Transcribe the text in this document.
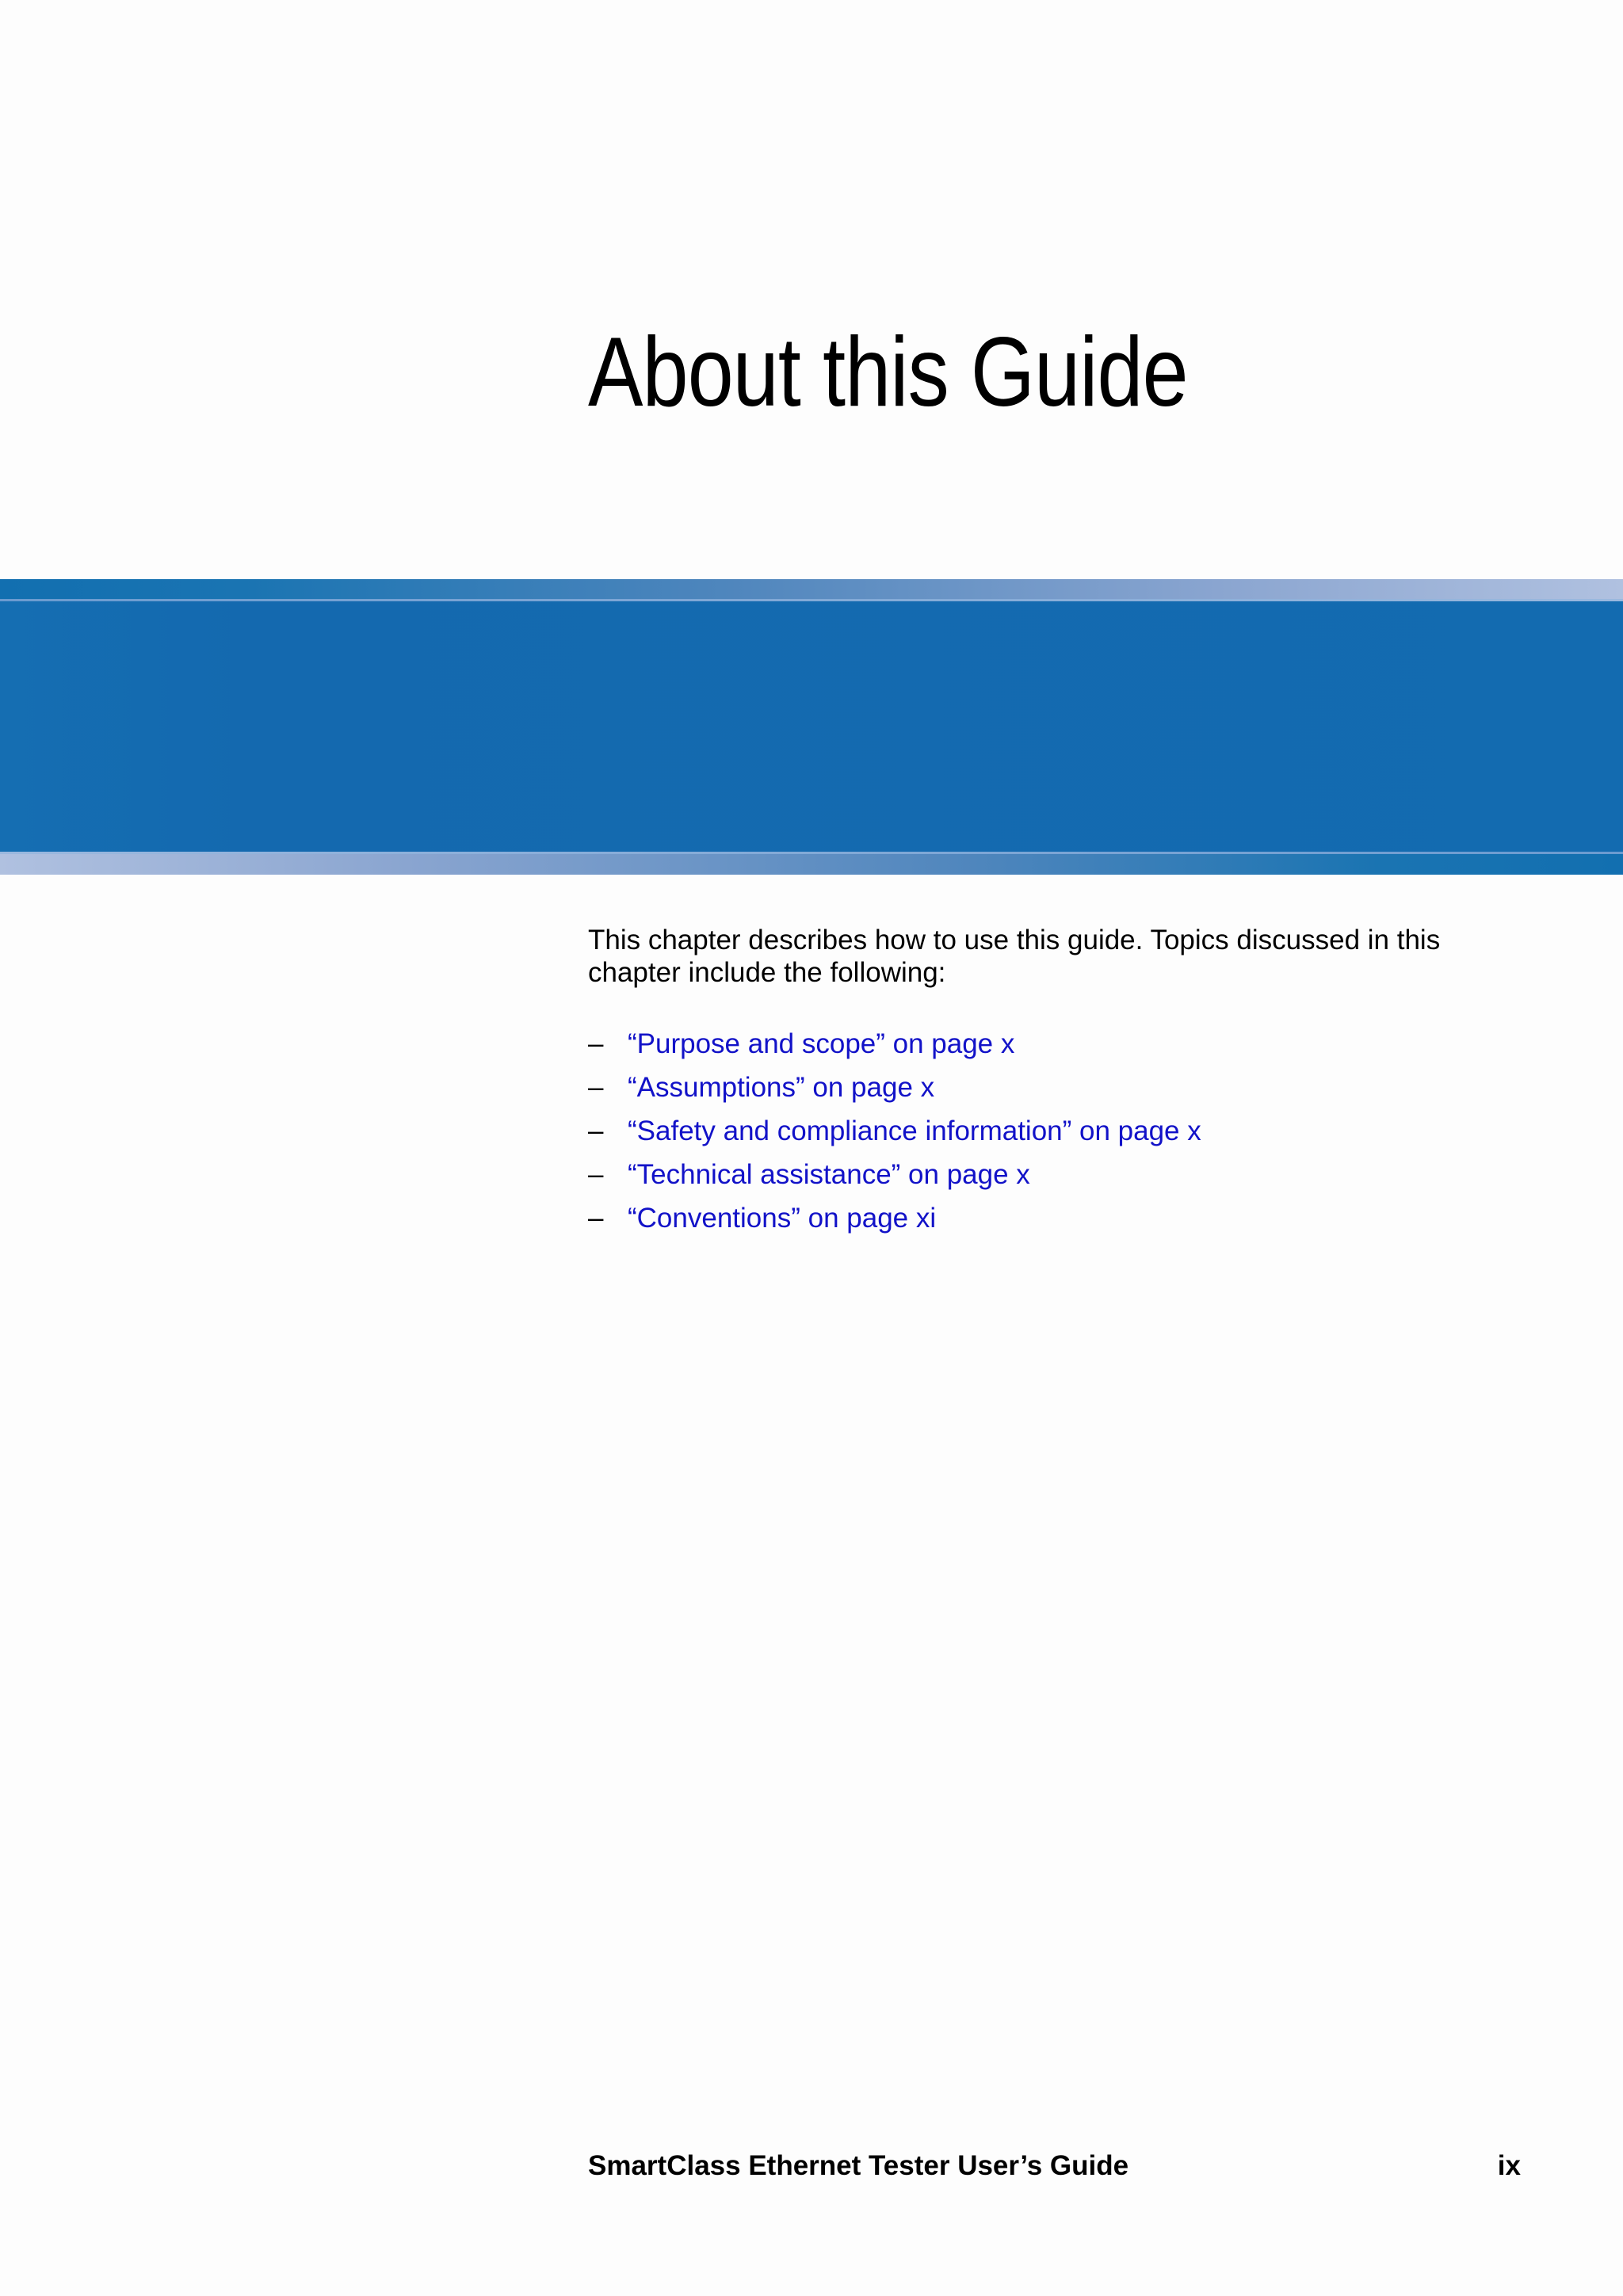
About this Guide

This chapter describes how to use this guide. Topics discussed in this chapter include the following:

– “Purpose and scope” on page x
– “Assumptions” on page x
– “Safety and compliance information” on page x
– “Technical assistance” on page x
– “Conventions” on page xi

SmartClass Ethernet Tester User’s Guide	ix
